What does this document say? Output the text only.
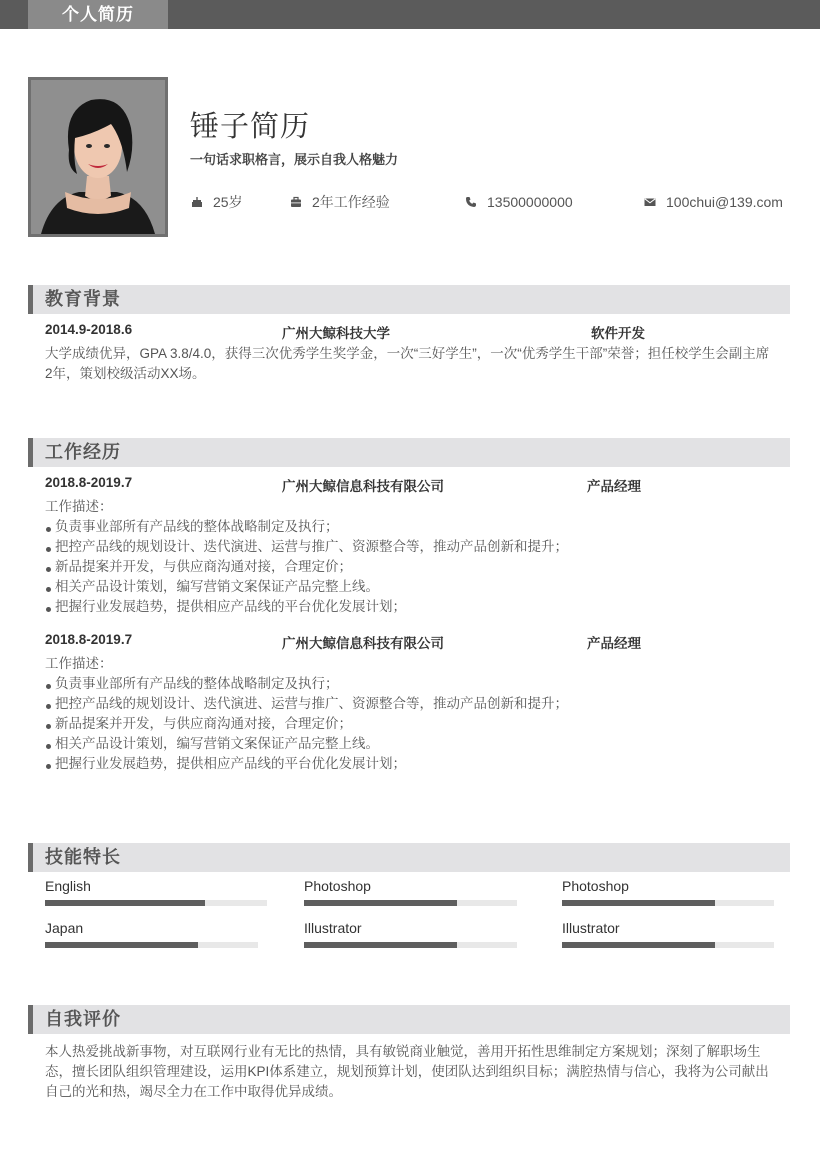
个人简历
锤子简历
一句话求职格言，展示自我人格魅力
25岁	2年工作经验	13500000000	100chui@139.com
教育背景
2014.9-2018.6	广州大鲸科技大学	软件开发
大学成绩优异，GPA 3.8/4.0，获得三次优秀学生奖学金，一次“三好学生”，一次“优秀学生干部”荣誉；担任校学生会副主席2年，策划校级活动XX场。
工作经历
2018.8-2019.7	广州大鲸信息科技有限公司	产品经理
工作描述：
负责事业部所有产品线的整体战略制定及执行；
把控产品线的规划设计、迭代演进、运营与推广、资源整合等，推动产品创新和提升；
新品提案并开发，与供应商沟通对接，合理定价；
相关产品设计策划，编写营销文案保证产品完整上线。
把握行业发展趋势，提供相应产品线的平台优化发展计划；
2018.8-2019.7	广州大鲸信息科技有限公司	产品经理
工作描述：
负责事业部所有产品线的整体战略制定及执行；
把控产品线的规划设计、迭代演进、运营与推广、资源整合等，推动产品创新和提升；
新品提案并开发，与供应商沟通对接，合理定价；
相关产品设计策划，编写营销文案保证产品完整上线。
把握行业发展趋势，提供相应产品线的平台优化发展计划；
技能特长
English	Photoshop	Photoshop
Japan	Illustrator	Illustrator
自我评价
本人热爱挑战新事物，对互联网行业有无比的热情，具有敏锐商业触觉，善用开拓性思维制定方案规划；深刻了解职场生态，擅长团队组织管理建设，运用KPI体系建立，规划预算计划，使团队达到组织目标；满腔热情与信心，我将为公司献出自己的光和热，竭尽全力在工作中取得优异成绩。
